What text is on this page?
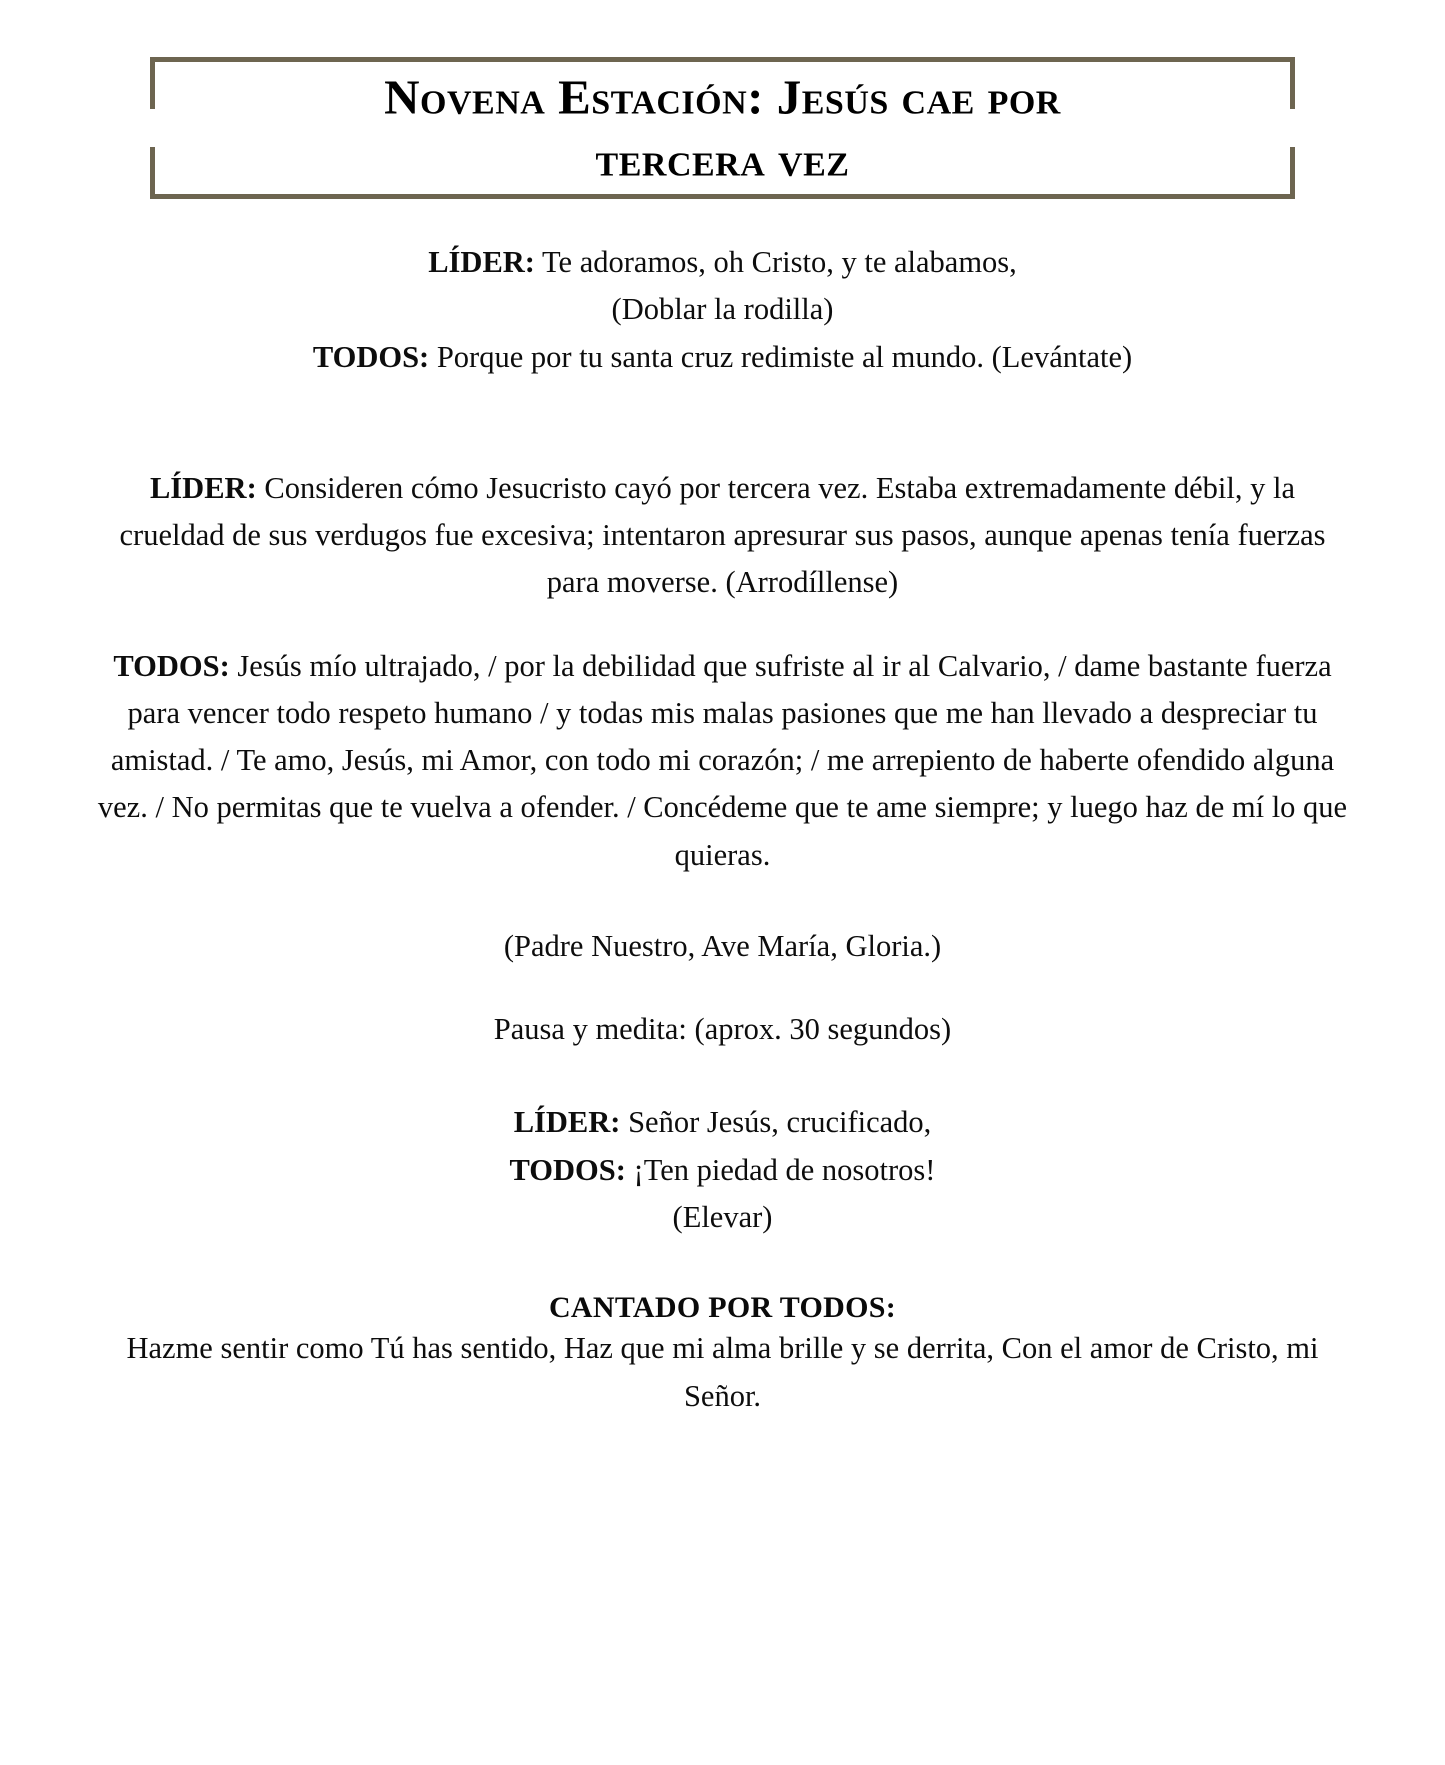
Novena Estación: Jesús cae por
tercera vez
LÍDER: Te adoramos, oh Cristo, y te alabamos,
(Doblar la rodilla)
TODOS: Porque por tu santa cruz redimiste al mundo. (Levántate)
LÍDER: Consideren cómo Jesucristo cayó por tercera vez. Estaba extremadamente débil, y la crueldad de sus verdugos fue excesiva; intentaron apresurar sus pasos, aunque apenas tenía fuerzas para moverse. (Arrodíllense)
TODOS: Jesús mío ultrajado, / por la debilidad que sufriste al ir al Calvario, / dame bastante fuerza para vencer todo respeto humano / y todas mis malas pasiones que me han llevado a despreciar tu amistad. / Te amo, Jesús, mi Amor, con todo mi corazón; / me arrepiento de haberte ofendido alguna vez. / No permitas que te vuelva a ofender. / Concédeme que te ame siempre; y luego haz de mí lo que quieras.
(Padre Nuestro, Ave María, Gloria.)
Pausa y medita: (aprox. 30 segundos)
LÍDER: Señor Jesús, crucificado,
TODOS: ¡Ten piedad de nosotros!
(Elevar)
CANTADO POR TODOS:
Hazme sentir como Tú has sentido, Haz que mi alma brille y se derrita, Con el amor de Cristo, mi Señor.
